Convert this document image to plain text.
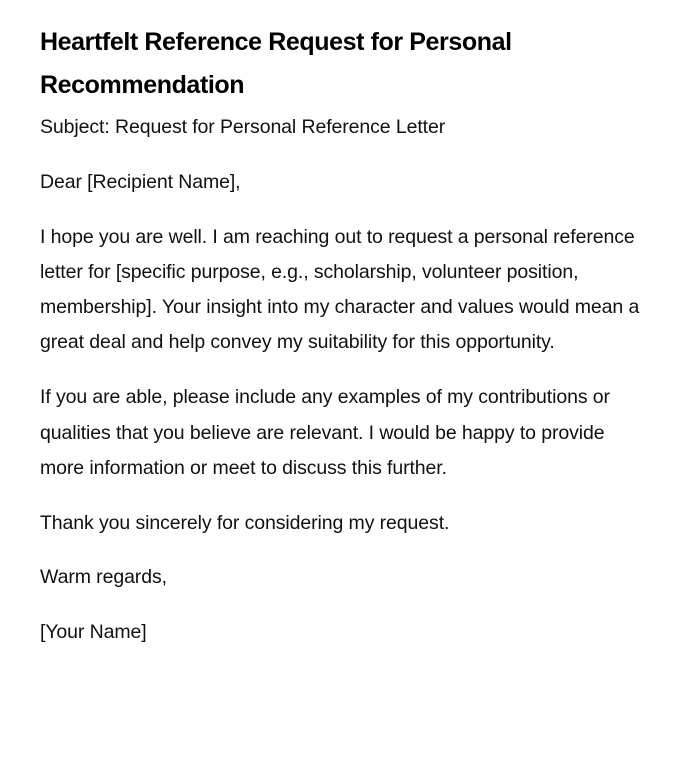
Heartfelt Reference Request for Personal Recommendation

Subject: Request for Personal Reference Letter

Dear [Recipient Name],

I hope you are well. I am reaching out to request a personal reference letter for [specific purpose, e.g., scholarship, volunteer position, membership]. Your insight into my character and values would mean a great deal and help convey my suitability for this opportunity.

If you are able, please include any examples of my contributions or qualities that you believe are relevant. I would be happy to provide more information or meet to discuss this further.

Thank you sincerely for considering my request.

Warm regards,

[Your Name]
